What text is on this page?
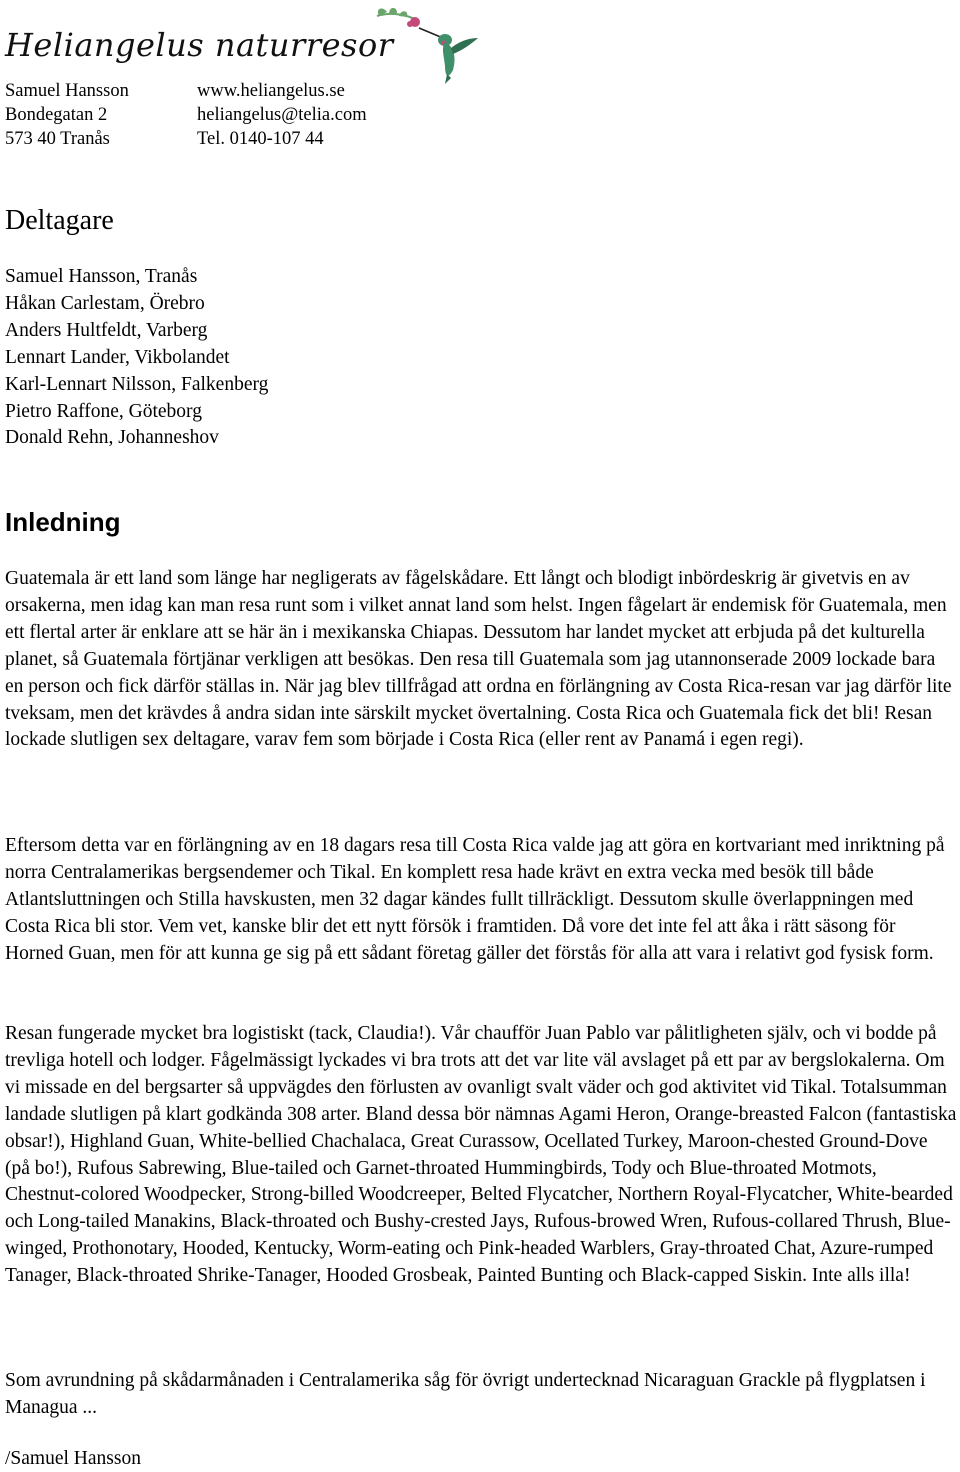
Heliangelus naturresor
Samuel Hansson	www.heliangelus.se
Bondegatan 2	heliangelus@telia.com
573 40 Tranås	Tel. 0140-107 44
Deltagare
Samuel Hansson, Tranås
Håkan Carlestam, Örebro
Anders Hultfeldt, Varberg
Lennart Lander, Vikbolandet
Karl-Lennart Nilsson, Falkenberg
Pietro Raffone, Göteborg
Donald Rehn, Johanneshov
Inledning

Guatemala är ett land som länge har negligerats av fågelskådare. Ett långt och blodigt inbördeskrig är givetvis en av orsakerna, men idag kan man resa runt som i vilket annat land som helst. Ingen fågelart är endemisk för Guatemala, men ett flertal arter är enklare att se här än i mexikanska Chiapas. Dessutom har landet mycket att erbjuda på det kulturella planet, så Guatemala förtjänar verkligen att besökas. Den resa till Guatemala som jag utannonserade 2009 lockade bara en person och fick därför ställas in. När jag blev tillfrågad att ordna en förlängning av Costa Rica-resan var jag därför lite tveksam, men det krävdes å andra sidan inte särskilt mycket övertalning. Costa Rica och Guatemala fick det bli! Resan lockade slutligen sex deltagare, varav fem som började i Costa Rica (eller rent av Panamá i egen regi).

Eftersom detta var en förlängning av en 18 dagars resa till Costa Rica valde jag att göra en kortvariant med inriktning på norra Centralamerikas bergsendemer och Tikal. En komplett resa hade krävt en extra vecka med besök till både Atlantsluttningen och Stilla havskusten, men 32 dagar kändes fullt tillräckligt. Dessutom skulle överlappningen med Costa Rica bli stor. Vem vet, kanske blir det ett nytt försök i framtiden. Då vore det inte fel att åka i rätt säsong för Horned Guan, men för att kunna ge sig på ett sådant företag gäller det förstås för alla att vara i relativt god fysisk form.

Resan fungerade mycket bra logistiskt (tack, Claudia!). Vår chaufför Juan Pablo var pålitligheten själv, och vi bodde på trevliga hotell och lodger. Fågelmässigt lyckades vi bra trots att det var lite väl avslaget på ett par av bergslokalerna. Om vi missade en del bergsarter så uppvägdes den förlusten av ovanligt svalt väder och god aktivitet vid Tikal. Totalsumman landade slutligen på klart godkända 308 arter. Bland dessa bör nämnas Agami Heron, Orange-breasted Falcon (fantastiska obsar!), Highland Guan, White-bellied Chachalaca, Great Curassow, Ocellated Turkey, Maroon-chested Ground-Dove (på bo!), Rufous Sabrewing, Blue-tailed och Garnet-throated Hummingbirds, Tody och Blue-throated Motmots, Chestnut-colored Woodpecker, Strong-billed Woodcreeper, Belted Flycatcher, Northern Royal-Flycatcher, White-bearded och Long-tailed Manakins, Black-throated och Bushy-crested Jays, Rufous-browed Wren, Rufous-collared Thrush, Blue-winged, Prothonotary, Hooded, Kentucky, Worm-eating och Pink-headed Warblers, Gray-throated Chat, Azure-rumped Tanager, Black-throated Shrike-Tanager, Hooded Grosbeak, Painted Bunting och Black-capped Siskin. Inte alls illa!

Som avrundning på skådarmånaden i Centralamerika såg för övrigt undertecknad Nicaraguan Grackle på flygplatsen i Managua ...

/Samuel Hansson
